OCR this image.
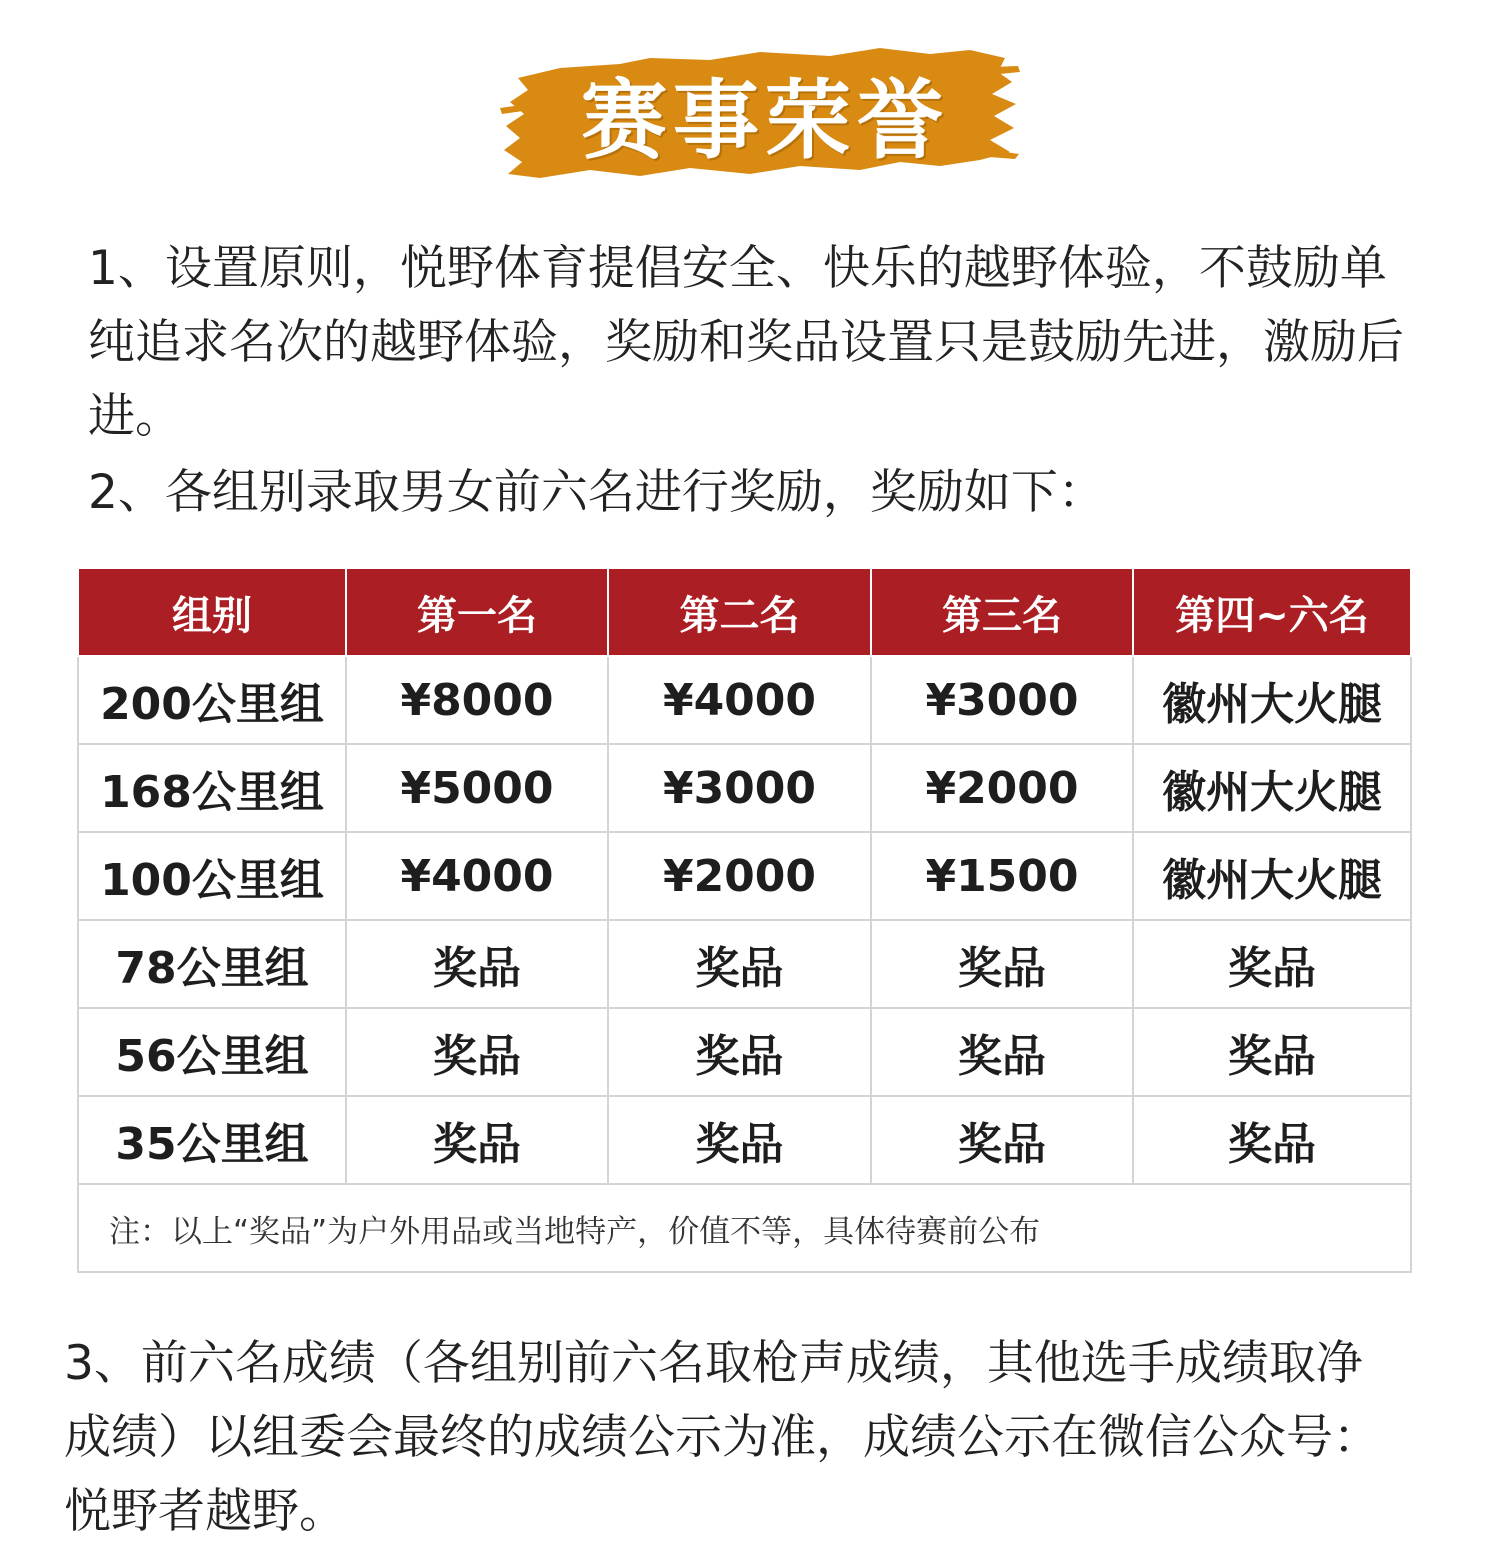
赛事荣誉

1、设置原则，悦野体育提倡安全、快乐的越野体验，不鼓励单纯追求名次的越野体验，奖励和奖品设置只是鼓励先进，激励后进。

2、各组别录取男女前六名进行奖励，奖励如下：

组别	第一名	第二名	第三名	第四~六名
200公里组	¥8000	¥4000	¥3000	徽州大火腿
168公里组	¥5000	¥3000	¥2000	徽州大火腿
100公里组	¥4000	¥2000	¥1500	徽州大火腿
78公里组	奖品	奖品	奖品	奖品
56公里组	奖品	奖品	奖品	奖品
35公里组	奖品	奖品	奖品	奖品
注：以上“奖品”为户外用品或当地特产，价值不等，具体待赛前公布				

3、前六名成绩（各组别前六名取枪声成绩，其他选手成绩取净成绩）以组委会最终的成绩公示为准，成绩公示在微信公众号：悦野者越野。
